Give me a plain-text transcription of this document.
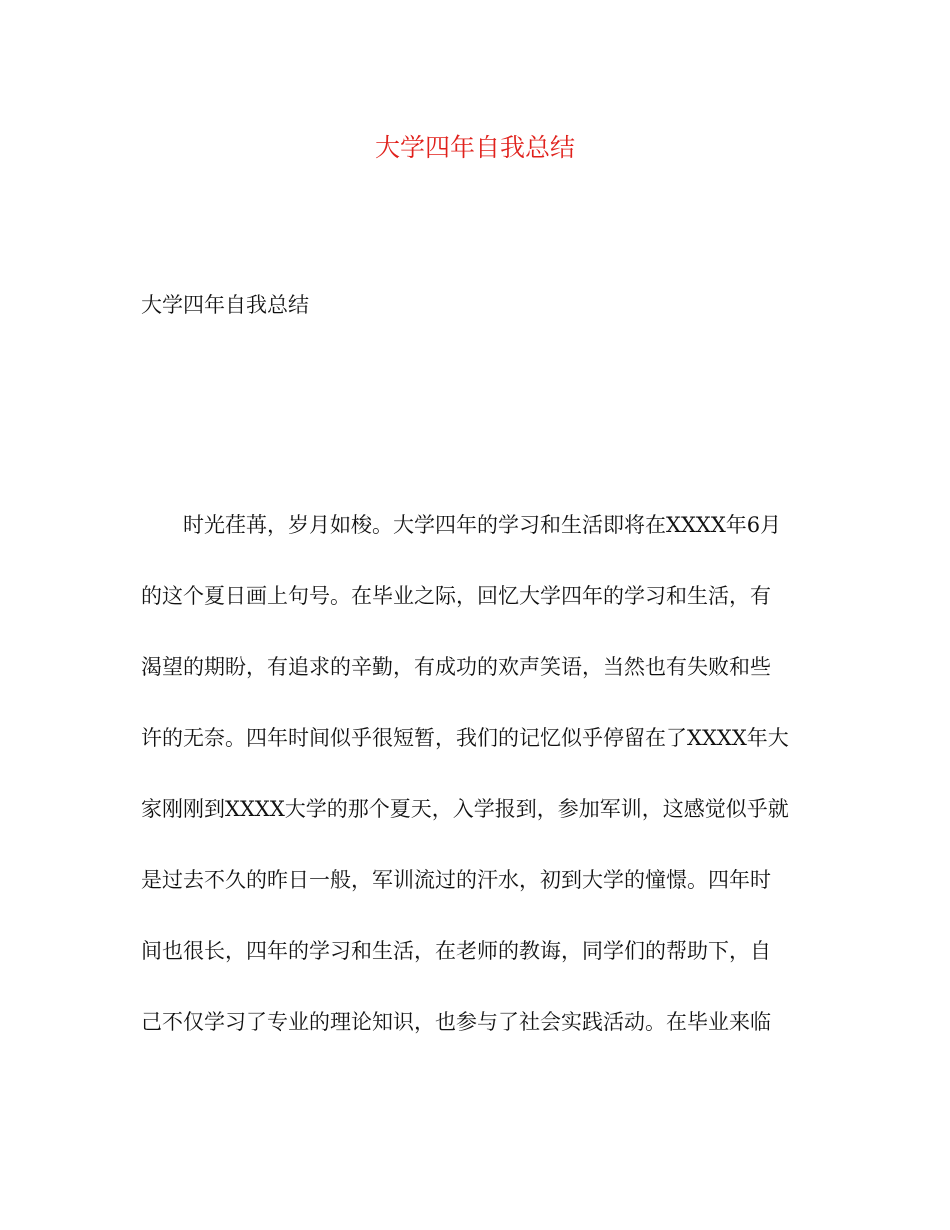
大学四年自我总结

大学四年自我总结

　　时光荏苒，岁月如梭。大学四年的学习和生活即将在XXXX年6月
的这个夏日画上句号。在毕业之际，回忆大学四年的学习和生活，有
渴望的期盼，有追求的辛勤，有成功的欢声笑语，当然也有失败和些
许的无奈。四年时间似乎很短暂，我们的记忆似乎停留在了XXXX年大
家刚刚到XXXX大学的那个夏天，入学报到，参加军训，这感觉似乎就
是过去不久的昨日一般，军训流过的汗水，初到大学的憧憬。四年时
间也很长，四年的学习和生活，在老师的教诲，同学们的帮助下，自
己不仅学习了专业的理论知识，也参与了社会实践活动。在毕业来临
